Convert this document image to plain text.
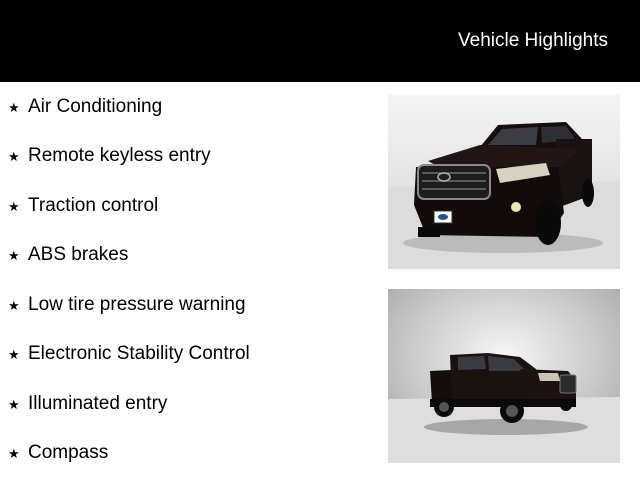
Vehicle Highlights
★ Air Conditioning
★ Remote keyless entry
★ Traction control
★ ABS brakes
★ Low tire pressure warning
★ Electronic Stability Control
★ Illuminated entry
★ Compass
